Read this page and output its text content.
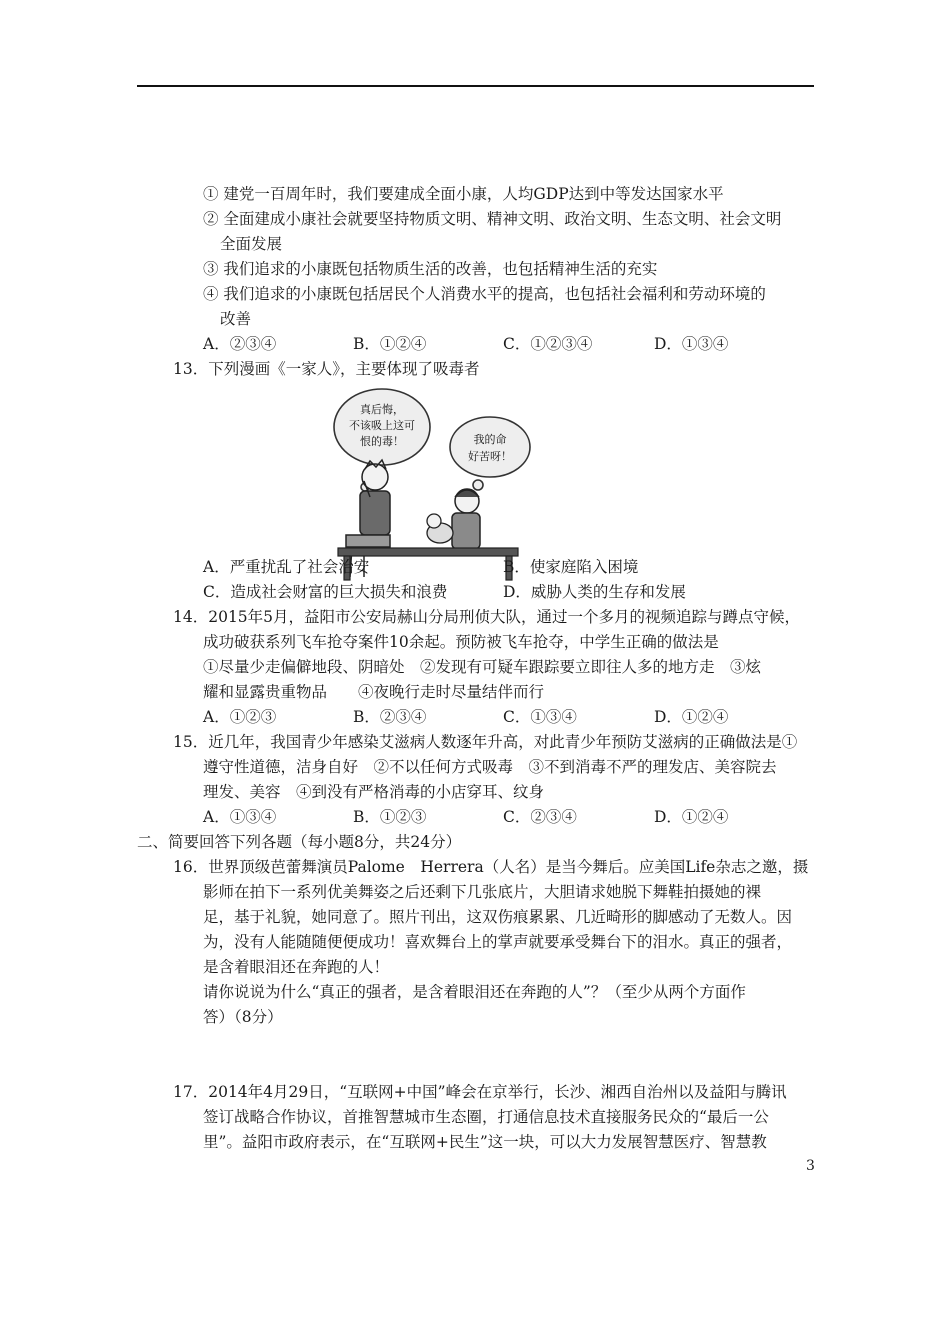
① 建党一百周年时，我们要建成全面小康，人均GDP达到中等发达国家水平
② 全面建成小康社会就要坚持物质文明、精神文明、政治文明、生态文明、社会文明
全面发展
③ 我们追求的小康既包括物质生活的改善，也包括精神生活的充实
④ 我们追求的小康既包括居民个人消费水平的提高，也包括社会福利和劳动环境的
改善
A．②③④	B．①②④	C．①②③④	D．①③④
13．下列漫画《一家人》，主要体现了吸毒者
真后悔，
不该吸上这可
恨的毒！	我的命
好苦呀！
A．严重扰乱了社会治安	B．使家庭陷入困境
C．造成社会财富的巨大损失和浪费	D．威胁人类的生存和发展
14．2015年5月，益阳市公安局赫山分局刑侦大队，通过一个多月的视频追踪与蹲点守候，
成功破获系列飞车抢夺案件10余起。预防被飞车抢夺，中学生正确的做法是
①尽量少走偏僻地段、阴暗处　②发现有可疑车跟踪要立即往人多的地方走　③炫
耀和显露贵重物品　　④夜晚行走时尽量结伴而行
A．①②③	B．②③④	C．①③④	D．①②④
15．近几年，我国青少年感染艾滋病人数逐年升高，对此青少年预防艾滋病的正确做法是①
遵守性道德，洁身自好　②不以任何方式吸毒　③不到消毒不严的理发店、美容院去
理发、美容　④到没有严格消毒的小店穿耳、纹身
A．①③④	B．①②③	C．②③④	D．①②④
二、简要回答下列各题（每小题8分，共24分）
16．世界顶级芭蕾舞演员Palome　Herrera（人名）是当今舞后。应美国Life杂志之邀，摄
影师在拍下一系列优美舞姿之后还剩下几张底片，大胆请求她脱下舞鞋拍摄她的裸
足，基于礼貌，她同意了。照片刊出，这双伤痕累累、几近畸形的脚感动了无数人。因
为，没有人能随随便便成功！喜欢舞台上的掌声就要承受舞台下的泪水。真正的强者，
是含着眼泪还在奔跑的人！
请你说说为什么“真正的强者，是含着眼泪还在奔跑的人”？（至少从两个方面作
答）（8分）
17．2014年4月29日，“互联网+中国”峰会在京举行，长沙、湘西自治州以及益阳与腾讯
签订战略合作协议，首推智慧城市生态圈，打通信息技术直接服务民众的“最后一公
里”。益阳市政府表示，在“互联网+民生”这一块，可以大力发展智慧医疗、智慧教
3
